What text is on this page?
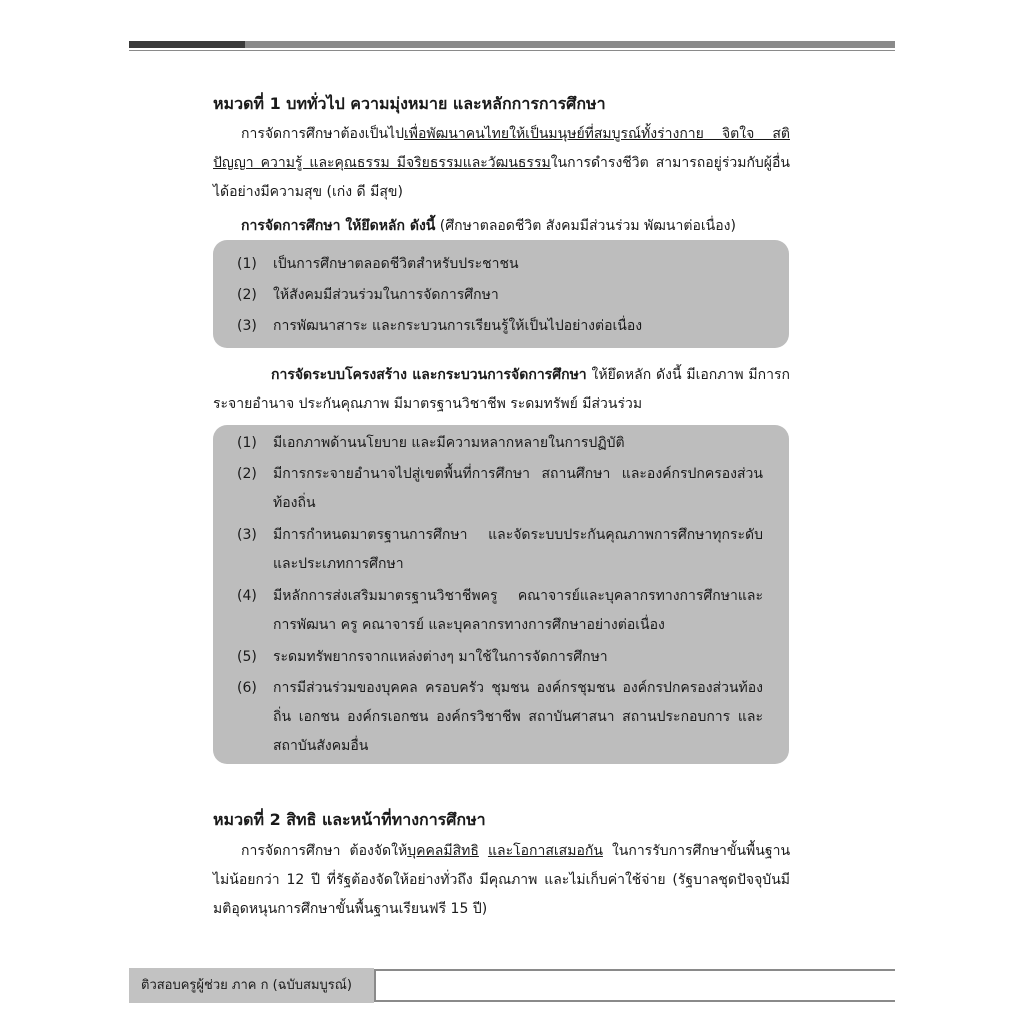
หมวดที่ 1 บททั่วไป ความมุ่งหมาย และหลักการการศึกษา

การจัดการศึกษาต้องเป็นไปเพื่อพัฒนาคนไทยให้เป็นมนุษย์ที่สมบูรณ์ทั้งร่างกาย จิตใจ สติปัญญา ความรู้ และคุณธรรม มีจริยธรรมและวัฒนธรรมในการดำรงชีวิต สามารถอยู่ร่วมกับผู้อื่นได้อย่างมีความสุข (เก่ง ดี มีสุข)

การจัดการศึกษา ให้ยึดหลัก ดังนี้ (ศึกษาตลอดชีวิต สังคมมีส่วนร่วม พัฒนาต่อเนื่อง)

(1)	เป็นการศึกษาตลอดชีวิตสำหรับประชาชน
(2)	ให้สังคมมีส่วนร่วมในการจัดการศึกษา
(3)	การพัฒนาสาระ และกระบวนการเรียนรู้ให้เป็นไปอย่างต่อเนื่อง

การจัดระบบโครงสร้าง และกระบวนการจัดการศึกษา ให้ยึดหลัก ดังนี้ มีเอกภาพ มีการกระจายอำนาจ ประกันคุณภาพ มีมาตรฐานวิชาชีพ ระดมทรัพย์ มีส่วนร่วม

(1)	มีเอกภาพด้านนโยบาย และมีความหลากหลายในการปฏิบัติ
(2)	มีการกระจายอำนาจไปสู่เขตพื้นที่การศึกษา สถานศึกษา และองค์กรปกครองส่วนท้องถิ่น
(3)	มีการกำหนดมาตรฐานการศึกษา และจัดระบบประกันคุณภาพการศึกษาทุกระดับและประเภทการศึกษา
(4)	มีหลักการส่งเสริมมาตรฐานวิชาชีพครู คณาจารย์และบุคลากรทางการศึกษาและการพัฒนา ครู คณาจารย์ และบุคลากรทางการศึกษาอย่างต่อเนื่อง
(5)	ระดมทรัพยากรจากแหล่งต่างๆ มาใช้ในการจัดการศึกษา
(6)	การมีส่วนร่วมของบุคคล ครอบครัว ชุมชน องค์กรชุมชน องค์กรปกครองส่วนท้องถิ่น เอกชน องค์กรเอกชน องค์กรวิชาชีพ สถาบันศาสนา สถานประกอบการ และสถาบันสังคมอื่น
หมวดที่ 2 สิทธิ และหน้าที่ทางการศึกษา

การจัดการศึกษา ต้องจัดให้บุคคลมีสิทธิ และโอกาสเสมอกัน ในการรับการศึกษาขั้นพื้นฐานไม่น้อยกว่า 12 ปี ที่รัฐต้องจัดให้อย่างทั่วถึง มีคุณภาพ และไม่เก็บค่าใช้จ่าย (รัฐบาลชุดปัจจุบันมีมติอุดหนุนการศึกษาขั้นพื้นฐานเรียนฟรี 15 ปี)

ติวสอบครูผู้ช่วย ภาค ก (ฉบับสมบูรณ์)
